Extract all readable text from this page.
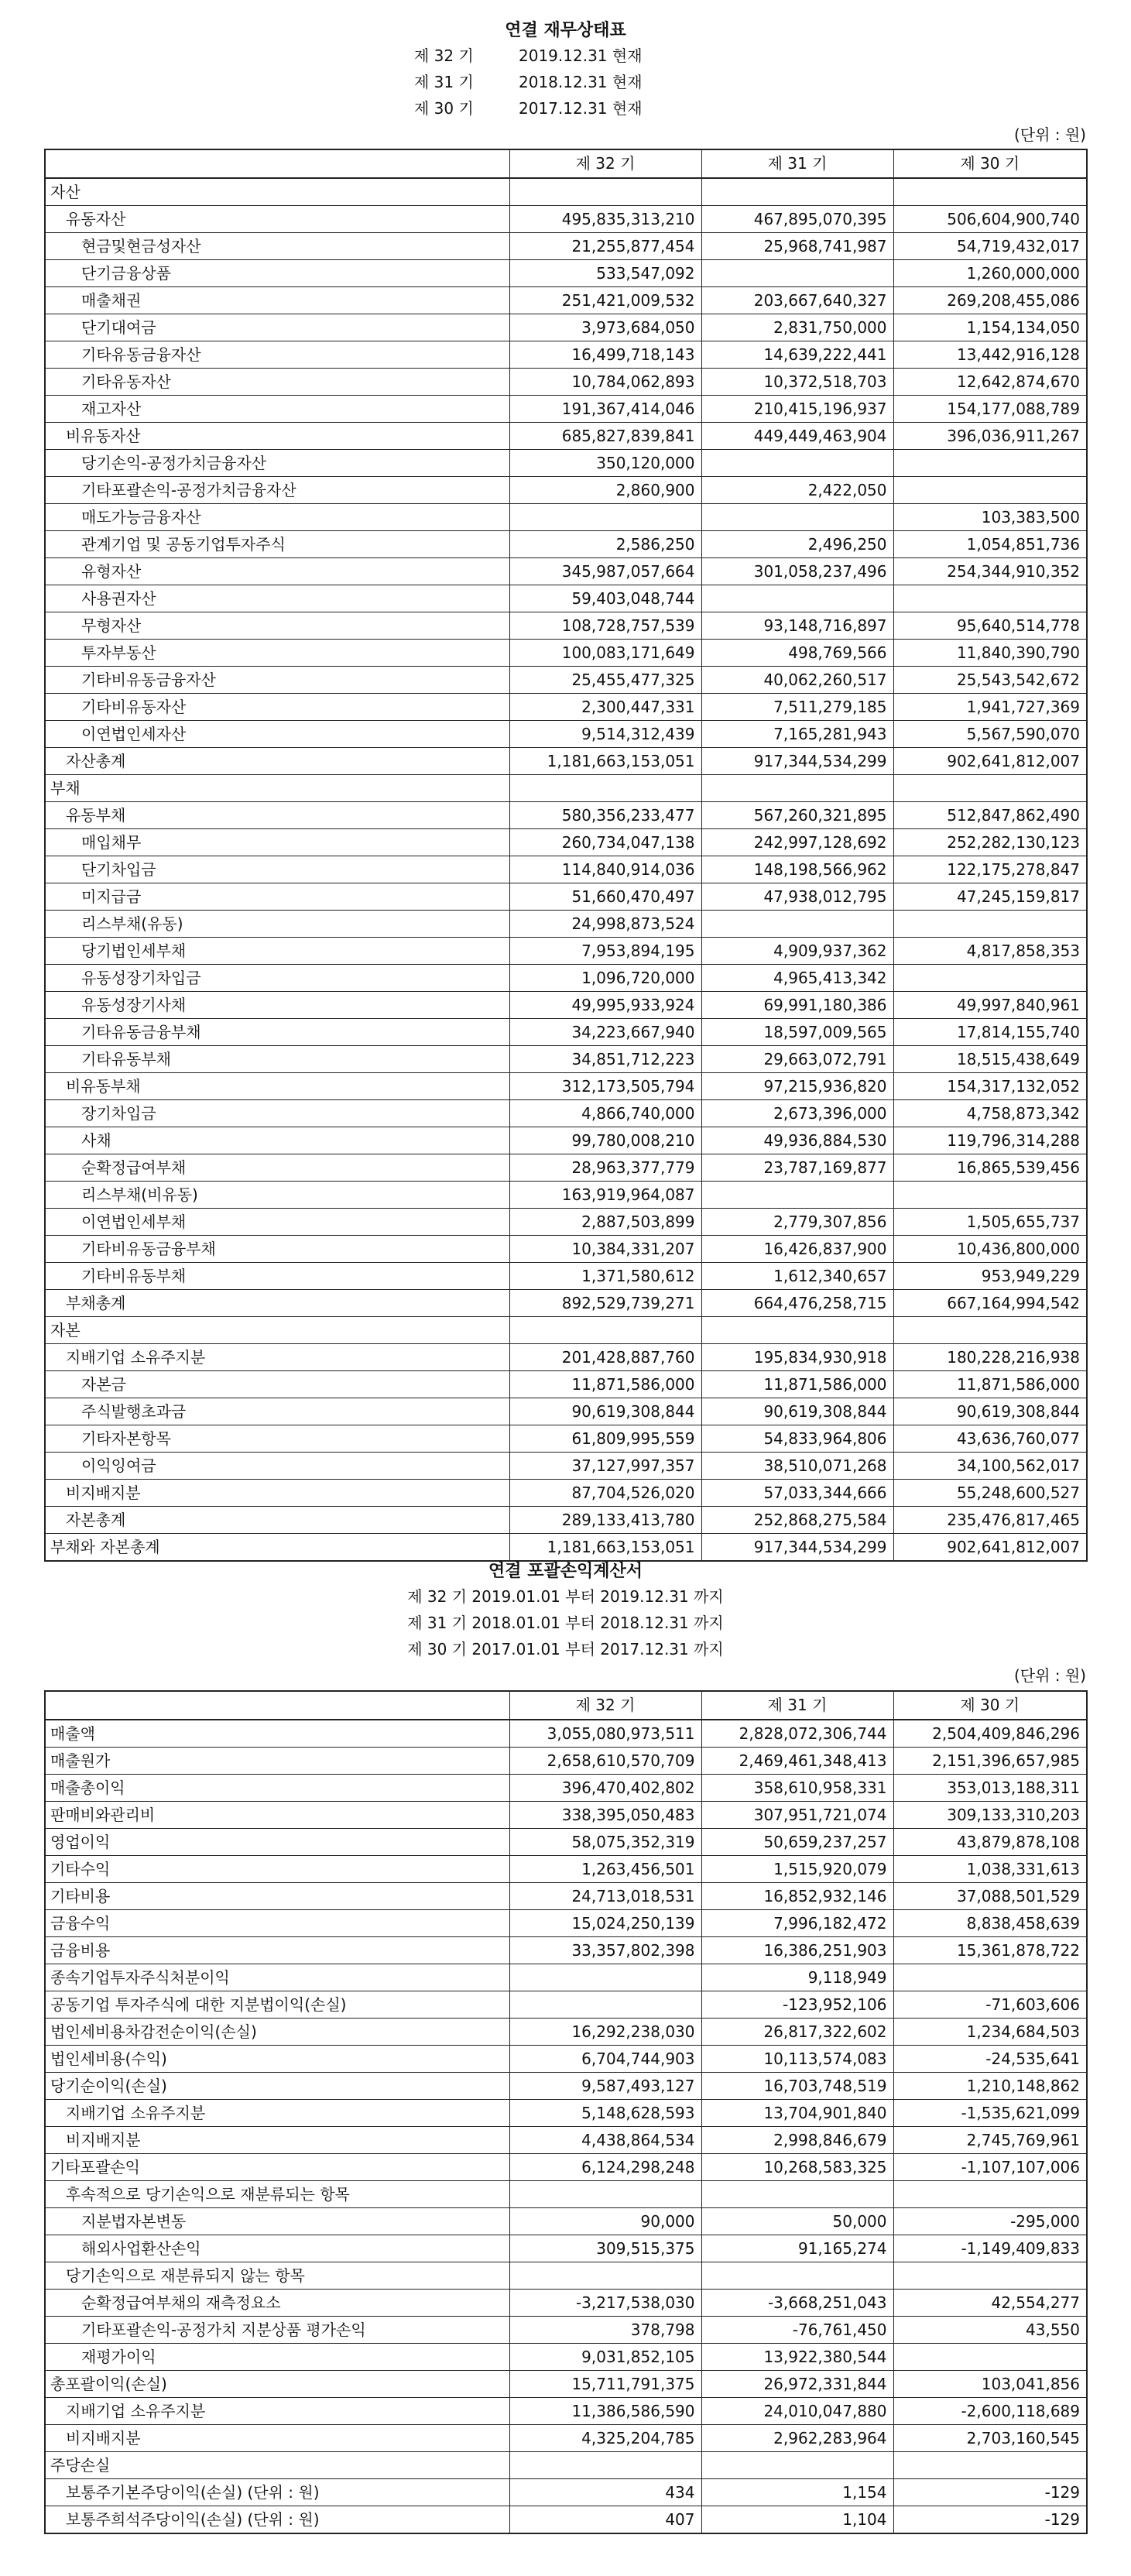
연결 재무상태표
제 32 기	2019.12.31 현재
제 31 기	2018.12.31 현재
제 30 기	2017.12.31 현재
(단위 : 원)
	제 32 기	제 31 기	제 30 기
자산			
유동자산	495,835,313,210	467,895,070,395	506,604,900,740
현금및현금성자산	21,255,877,454	25,968,741,987	54,719,432,017
단기금융상품	533,547,092		1,260,000,000
매출채권	251,421,009,532	203,667,640,327	269,208,455,086
단기대여금	3,973,684,050	2,831,750,000	1,154,134,050
기타유동금융자산	16,499,718,143	14,639,222,441	13,442,916,128
기타유동자산	10,784,062,893	10,372,518,703	12,642,874,670
재고자산	191,367,414,046	210,415,196,937	154,177,088,789
비유동자산	685,827,839,841	449,449,463,904	396,036,911,267
당기손익-공정가치금융자산	350,120,000		
기타포괄손익-공정가치금융자산	2,860,900	2,422,050	
매도가능금융자산			103,383,500
관계기업 및 공동기업투자주식	2,586,250	2,496,250	1,054,851,736
유형자산	345,987,057,664	301,058,237,496	254,344,910,352
사용권자산	59,403,048,744		
무형자산	108,728,757,539	93,148,716,897	95,640,514,778
투자부동산	100,083,171,649	498,769,566	11,840,390,790
기타비유동금융자산	25,455,477,325	40,062,260,517	25,543,542,672
기타비유동자산	2,300,447,331	7,511,279,185	1,941,727,369
이연법인세자산	9,514,312,439	7,165,281,943	5,567,590,070
자산총계	1,181,663,153,051	917,344,534,299	902,641,812,007
부채			
유동부채	580,356,233,477	567,260,321,895	512,847,862,490
매입채무	260,734,047,138	242,997,128,692	252,282,130,123
단기차입금	114,840,914,036	148,198,566,962	122,175,278,847
미지급금	51,660,470,497	47,938,012,795	47,245,159,817
리스부채(유동)	24,998,873,524		
당기법인세부채	7,953,894,195	4,909,937,362	4,817,858,353
유동성장기차입금	1,096,720,000	4,965,413,342	
유동성장기사채	49,995,933,924	69,991,180,386	49,997,840,961
기타유동금융부채	34,223,667,940	18,597,009,565	17,814,155,740
기타유동부채	34,851,712,223	29,663,072,791	18,515,438,649
비유동부채	312,173,505,794	97,215,936,820	154,317,132,052
장기차입금	4,866,740,000	2,673,396,000	4,758,873,342
사채	99,780,008,210	49,936,884,530	119,796,314,288
순확정급여부채	28,963,377,779	23,787,169,877	16,865,539,456
리스부채(비유동)	163,919,964,087		
이연법인세부채	2,887,503,899	2,779,307,856	1,505,655,737
기타비유동금융부채	10,384,331,207	16,426,837,900	10,436,800,000
기타비유동부채	1,371,580,612	1,612,340,657	953,949,229
부채총계	892,529,739,271	664,476,258,715	667,164,994,542
자본			
지배기업 소유주지분	201,428,887,760	195,834,930,918	180,228,216,938
자본금	11,871,586,000	11,871,586,000	11,871,586,000
주식발행초과금	90,619,308,844	90,619,308,844	90,619,308,844
기타자본항목	61,809,995,559	54,833,964,806	43,636,760,077
이익잉여금	37,127,997,357	38,510,071,268	34,100,562,017
비지배지분	87,704,526,020	57,033,344,666	55,248,600,527
자본총계	289,133,413,780	252,868,275,584	235,476,817,465
부채와 자본총계	1,181,663,153,051	917,344,534,299	902,641,812,007
연결 포괄손익계산서
제 32 기 2019.01.01 부터 2019.12.31 까지
제 31 기 2018.01.01 부터 2018.12.31 까지
제 30 기 2017.01.01 부터 2017.12.31 까지
(단위 : 원)
	제 32 기	제 31 기	제 30 기
매출액	3,055,080,973,511	2,828,072,306,744	2,504,409,846,296
매출원가	2,658,610,570,709	2,469,461,348,413	2,151,396,657,985
매출총이익	396,470,402,802	358,610,958,331	353,013,188,311
판매비와관리비	338,395,050,483	307,951,721,074	309,133,310,203
영업이익	58,075,352,319	50,659,237,257	43,879,878,108
기타수익	1,263,456,501	1,515,920,079	1,038,331,613
기타비용	24,713,018,531	16,852,932,146	37,088,501,529
금융수익	15,024,250,139	7,996,182,472	8,838,458,639
금융비용	33,357,802,398	16,386,251,903	15,361,878,722
종속기업투자주식처분이익		9,118,949	
공동기업 투자주식에 대한 지분법이익(손실)		-123,952,106	-71,603,606
법인세비용차감전순이익(손실)	16,292,238,030	26,817,322,602	1,234,684,503
법인세비용(수익)	6,704,744,903	10,113,574,083	-24,535,641
당기순이익(손실)	9,587,493,127	16,703,748,519	1,210,148,862
지배기업 소유주지분	5,148,628,593	13,704,901,840	-1,535,621,099
비지배지분	4,438,864,534	2,998,846,679	2,745,769,961
기타포괄손익	6,124,298,248	10,268,583,325	-1,107,107,006
후속적으로 당기손익으로 재분류되는 항목			
지분법자본변동	90,000	50,000	-295,000
해외사업환산손익	309,515,375	91,165,274	-1,149,409,833
당기손익으로 재분류되지 않는 항목			
순확정급여부채의 재측정요소	-3,217,538,030	-3,668,251,043	42,554,277
기타포괄손익-공정가치 지분상품 평가손익	378,798	-76,761,450	43,550
재평가이익	9,031,852,105	13,922,380,544	
총포괄이익(손실)	15,711,791,375	26,972,331,844	103,041,856
지배기업 소유주지분	11,386,586,590	24,010,047,880	-2,600,118,689
비지배지분	4,325,204,785	2,962,283,964	2,703,160,545
주당손실			
보통주기본주당이익(손실) (단위 : 원)	434	1,154	-129
보통주희석주당이익(손실) (단위 : 원)	407	1,104	-129
